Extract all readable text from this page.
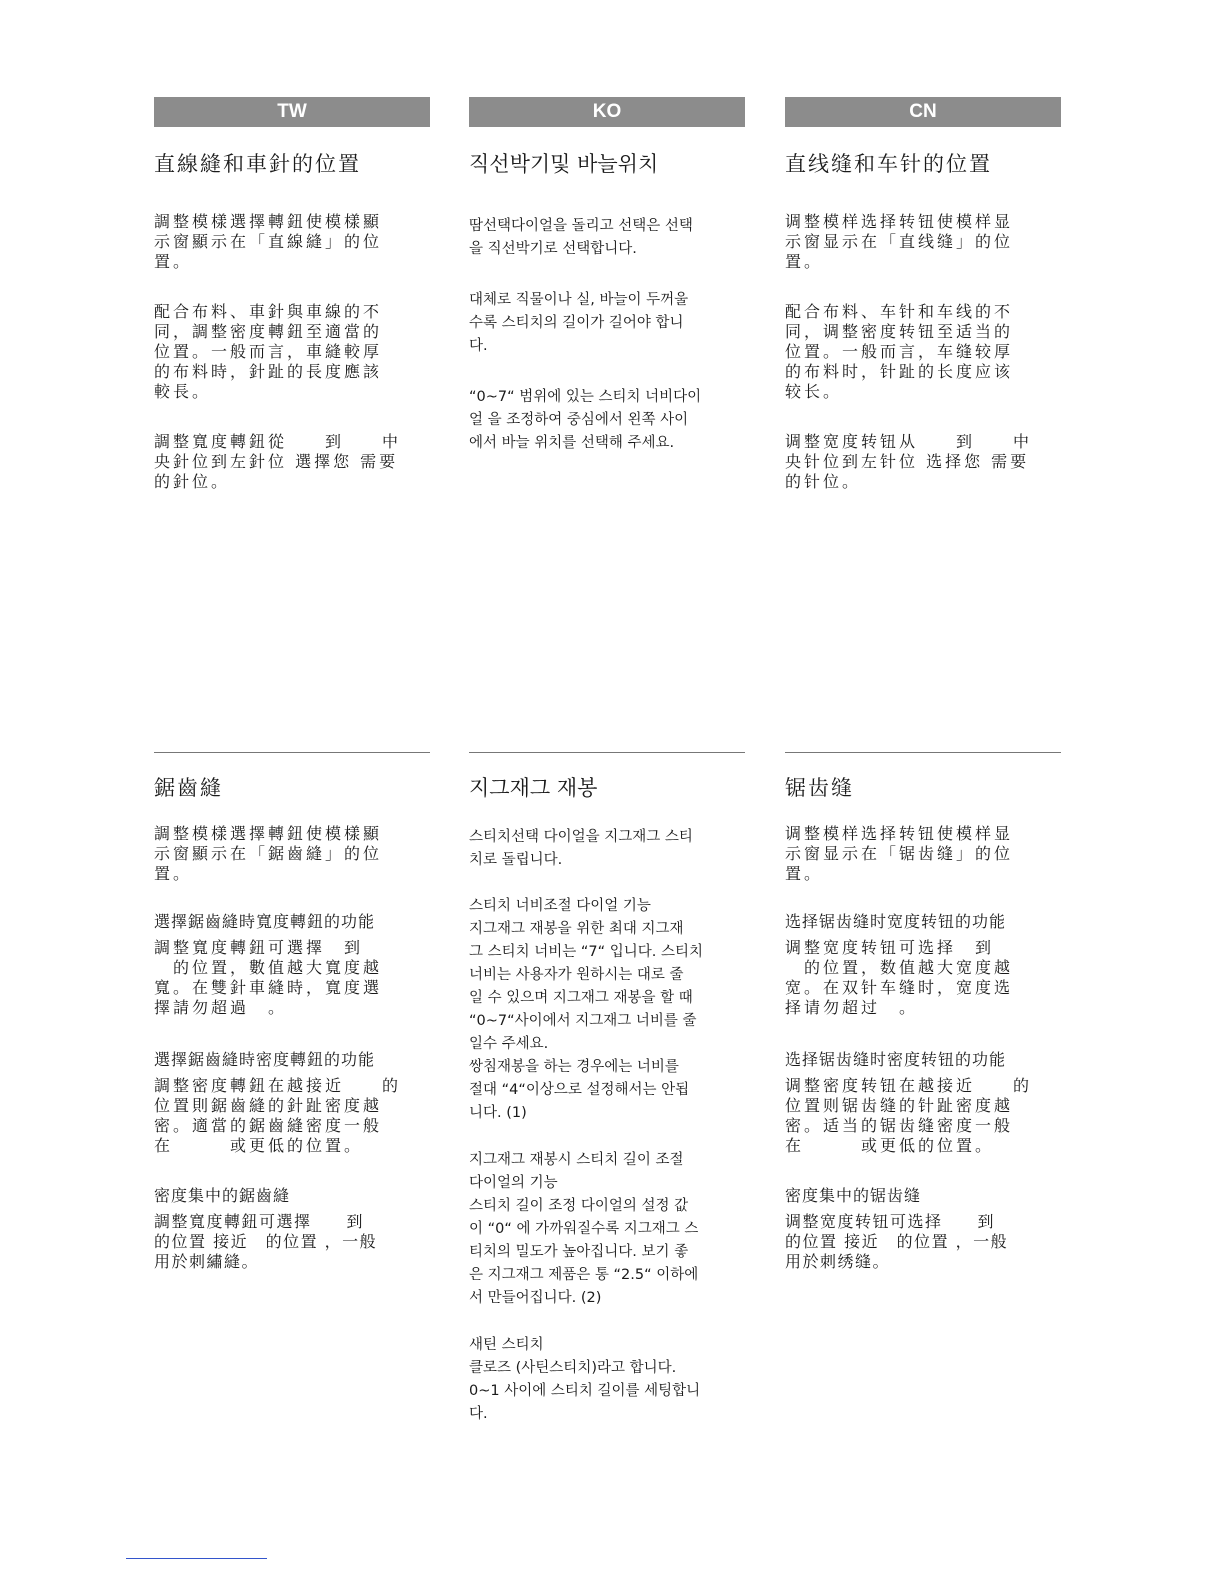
TW	KO	CN
直線縫和車針的位置

調整模樣選擇轉鈕使模樣顯
示窗顯示在「直線縫」的位
置。

配合布料、車針與車線的不
同，調整密度轉鈕至適當的
位置。一般而言，車縫較厚
的布料時，針趾的長度應該
較長。

調整寬度轉鈕從　　到　　中
央針位到左針位 選擇您 需要
的針位。

鋸齒縫

調整模樣選擇轉鈕使模樣顯
示窗顯示在「鋸齒縫」的位
置。

選擇鋸齒縫時寬度轉鈕的功能

調整寬度轉鈕可選擇　到
　的位置，數值越大寬度越
寬。在雙針車縫時，寬度選
擇請勿超過　。

選擇鋸齒縫時密度轉鈕的功能

調整密度轉鈕在越接近　　的
位置則鋸齒縫的針趾密度越
密。適當的鋸齒縫密度一般
在　　　或更低的位置。

密度集中的鋸齒縫

調整寬度轉鈕可選擇　　到
的位置 接近　的位置 ，一般
用於刺繡縫。

직선박기및 바늘위치

땀선택다이얼을 돌리고 선택은 선택
을 직선박기로 선택합니다.

대체로 직물이나 실, 바늘이 두꺼울
수록 스티치의 길이가 길어야 합니
다.

“0~7“ 범위에 있는 스티치 너비다이
얼 을 조정하여 중심에서 왼쪽 사이
에서 바늘 위치를 선택해 주세요.

지그재그 재봉

스티치선택 다이얼을 지그재그 스티
치로 돌립니다.

스티치 너비조절 다이얼 기능
지그재그 재봉을 위한 최대 지그재
그 스티치 너비는 “7“ 입니다. 스티치
너비는 사용자가 원하시는 대로 줄
일 수 있으며 지그재그 재봉을 할 때
“0~7“사이에서 지그재그 너비를 줄
일수 주세요.
쌍침재봉을 하는 경우에는 너비를
절대 “4“이상으로 설정해서는 안됩
니다. (1)

지그재그 재봉시 스티치 길이 조절
다이얼의 기능
스티치 길이 조정 다이얼의 설정 값
이 “0“ 에 가까워질수록 지그재그 스
티치의 밀도가 높아집니다. 보기 좋
은 지그재그 제품은 통 “2.5“ 이하에
서 만들어집니다. (2)

새틴 스티치
클로즈 (사틴스티치)라고 합니다.
0~1 사이에 스티치 길이를 세팅합니
다.

直线缝和车针的位置

调整模样选择转钮使模样显
示窗显示在「直线缝」的位
置。

配合布料、车针和车线的不
同，调整密度转钮至适当的
位置。一般而言，车缝较厚
的布料时，针趾的长度应该
较长。

调整宽度转钮从　　到　　中
央针位到左针位 选择您 需要
的针位。

锯齿缝

调整模样选择转钮使模样显
示窗显示在「锯齿缝」的位
置。

选择锯齿缝时宽度转钮的功能

调整宽度转钮可选择　到
　的位置，数值越大宽度越
宽。在双针车缝时，宽度选
择请勿超过　。

选择锯齿缝时密度转钮的功能

调整密度转钮在越接近　　的
位置则锯齿缝的针趾密度越
密。适当的锯齿缝密度一般
在　　　或更低的位置。

密度集中的锯齿缝

调整宽度转钮可选择　　到
的位置 接近　的位置 ，一般
用於刺绣缝。
